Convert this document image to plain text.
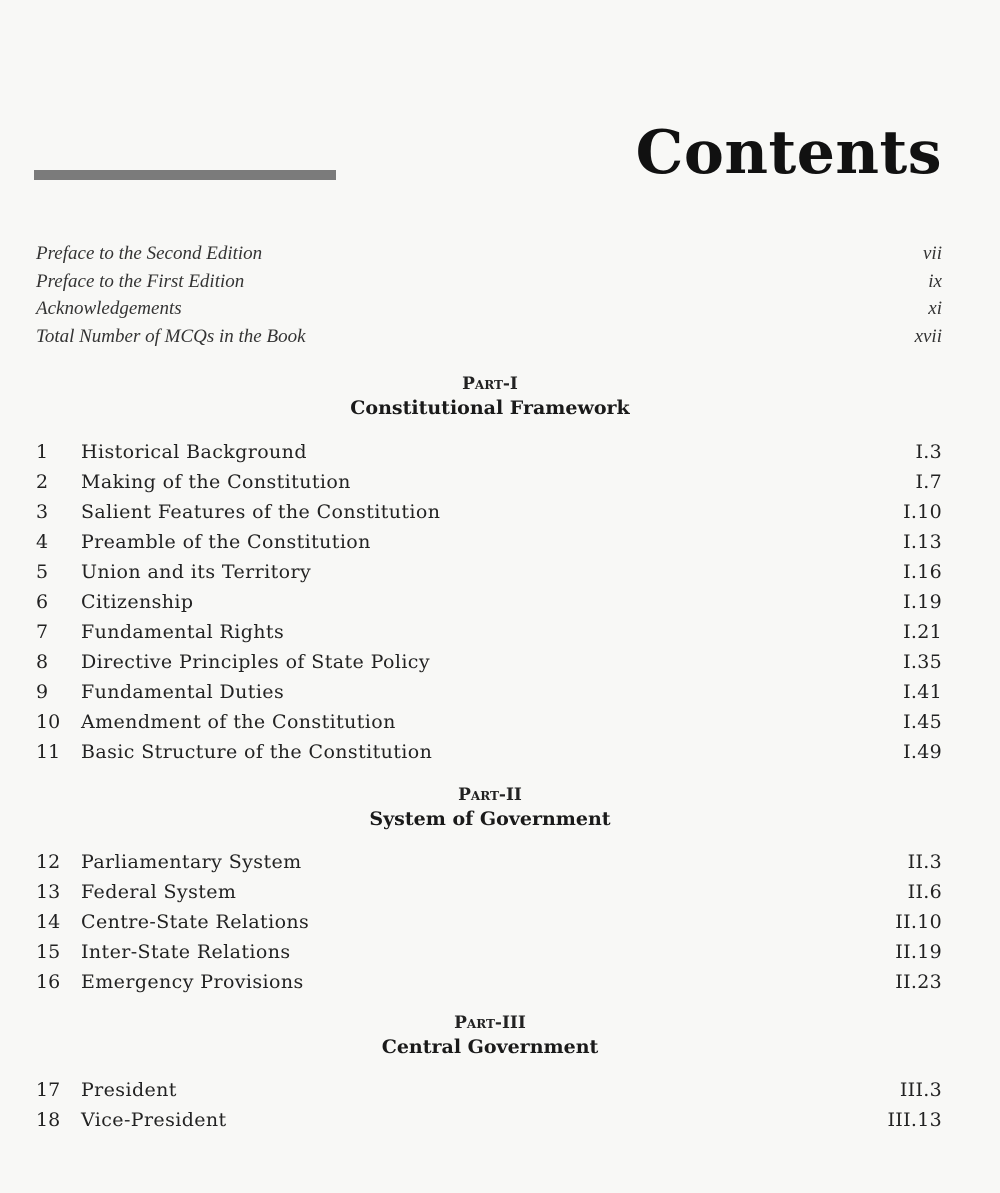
Contents
Preface to the Second Edition	vii
Preface to the First Edition	ix
Acknowledgements	xi
Total Number of MCQs in the Book	xvii
Part-I
Constitutional Framework
1	Historical Background	I.3
2	Making of the Constitution	I.7
3	Salient Features of the Constitution	I.10
4	Preamble of the Constitution	I.13
5	Union and its Territory	I.16
6	Citizenship	I.19
7	Fundamental Rights	I.21
8	Directive Principles of State Policy	I.35
9	Fundamental Duties	I.41
10	Amendment of the Constitution	I.45
11	Basic Structure of the Constitution	I.49
Part-II
System of Government
12	Parliamentary System	II.3
13	Federal System	II.6
14	Centre-State Relations	II.10
15	Inter-State Relations	II.19
16	Emergency Provisions	II.23
Part-III
Central Government
17	President	III.3
18	Vice-President	III.13
